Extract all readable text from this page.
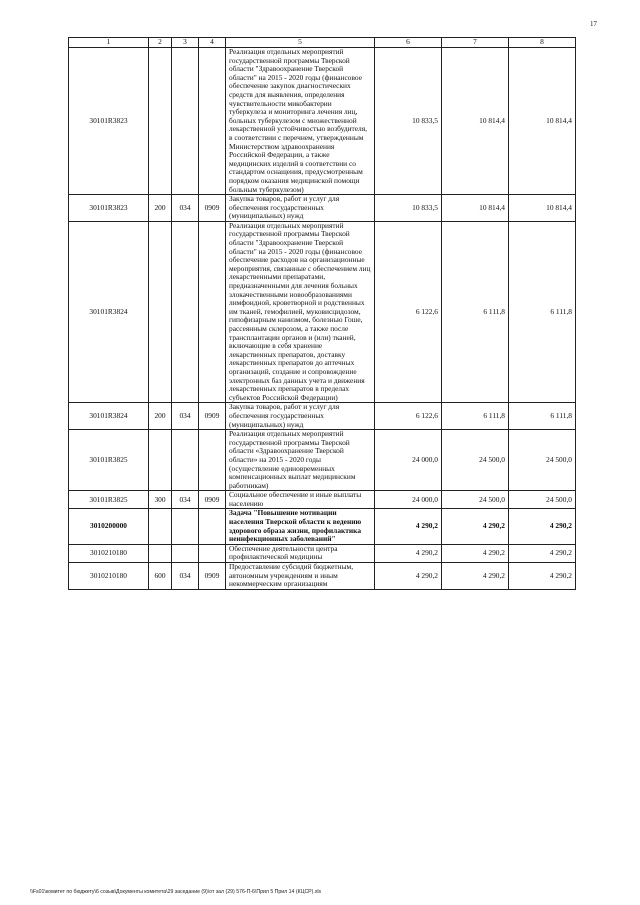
17
1	2	3	4	5	6	7	8
30101R3823				Реализация отдельных мероприятий государственной программы Тверской области "Здравоохранение Тверской области" на 2015 - 2020 годы (финансовое обеспечение закупок диагностических средств для выявления, определения чувствительности микобактерии туберкулеза и мониторинга лечения лиц, больных туберкулезом с множественной лекарственной устойчивостью возбудителя, в соответствии с перечнем, утвержденным Министерством здравоохранения Российской Федерации, а также медицинских изделий в соответствии со стандартом оснащения, предусмотренным порядком оказания медицинской помощи больным туберкулезом)	10 833,5	10 814,4	10 814,4
30101R3823	200	034	0909	Закупка товаров, работ и услуг для обеспечения государственных (муниципальных) нужд	10 833,5	10 814,4	10 814,4
30101R3824				Реализация отдельных мероприятий государственной программы Тверской области "Здравоохранение Тверской области" на 2015 - 2020 годы (финансовое обеспечение расходов на организационные мероприятия, связанные с обеспечением лиц лекарственными препаратами, предназначенными для лечения больных злокачественными новообразованиями лимфоидной, кроветворной и родственных им тканей, гемофилией, муковисцидозом, гипофизарным нанизмом, болезнью Гоше, рассеянным склерозом, а также после трансплантации органов и (или) тканей, включающие в себя хранение лекарственных препаратов, доставку лекарственных препаратов до аптечных организаций, создание и сопровождение электронных баз данных учета и движения лекарственных препаратов в пределах субъектов Российской Федерации)	6 122,6	6 111,8	6 111,8
30101R3824	200	034	0909	Закупка товаров, работ и услуг для обеспечения государственных (муниципальных) нужд	6 122,6	6 111,8	6 111,8
30101R3825				Реализация отдельных мероприятий государственной программы Тверской области «Здравоохранение Тверской области» на 2015 - 2020 годы (осуществление единовременных компенсационных выплат медицинским работникам)	24 000,0	24 500,0	24 500,0
30101R3825	300	034	0909	Социальное обеспечение и иные выплаты населению	24 000,0	24 500,0	24 500,0
3010200000				Задача "Повышение мотивации населения Тверской области к ведению здорового образа жизни, профилактика неинфекционных заболеваний"	4 290,2	4 290,2	4 290,2
3010210180				Обеспечение деятельности центра профилактической медицины	4 290,2	4 290,2	4 290,2
3010210180	600	034	0909	Предоставление субсидий бюджетным, автономным учреждениям и иным некоммерческим организациям	4 290,2	4 290,2	4 290,2
\\Fs01\комитет по бюджету\6 созыв\Документы комитета\29 заседание (9)\от зал (29) 576-П-6\Прил 5 Прил 14 (КЦСР).xls
